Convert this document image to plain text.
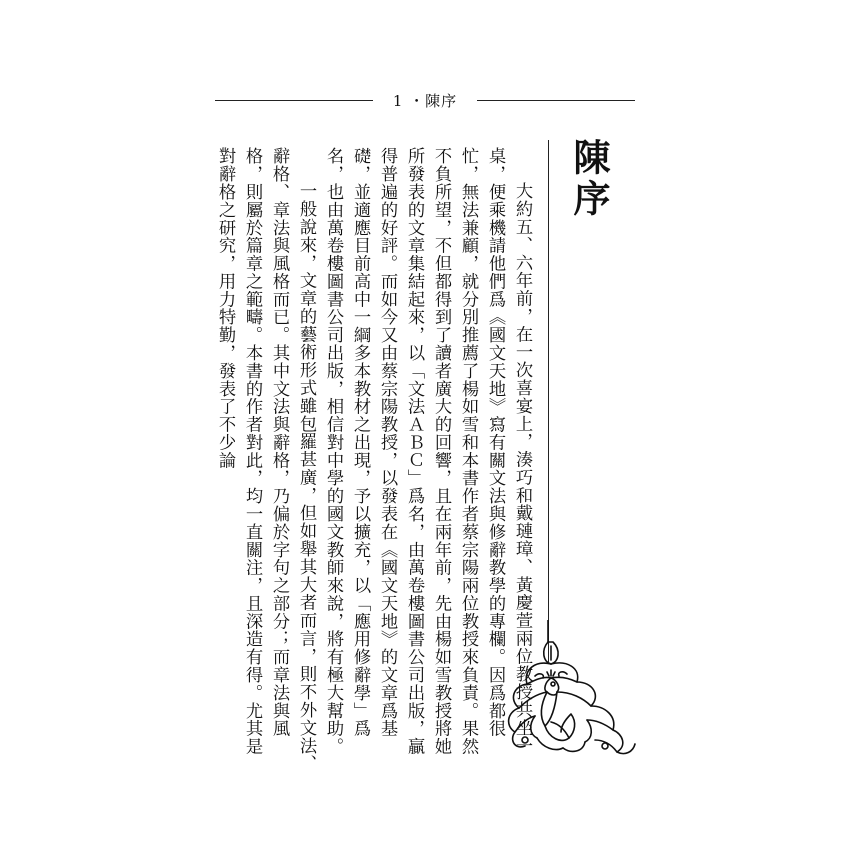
1 ・陳序
陳序

大約五、六年前，在一次喜宴上，湊巧和戴璉璋、黃慶萱兩位教授共坐一桌，便乘機請他們爲《國文天地》寫有關文法與修辭教學的專欄。因爲都很忙，無法兼顧，就分別推薦了楊如雪和本書作者蔡宗陽兩位教授來負責。果然不負所望，不但都得到了讀者廣大的回響，且在兩年前，先由楊如雪教授將她所發表的文章集結起來，以「文法ＡＢＣ」爲名，由萬卷樓圖書公司出版，贏得普遍的好評。而如今又由蔡宗陽教授，以發表在《國文天地》的文章爲基礎，並適應目前高中一綱多本教材之出現，予以擴充，以「應用修辭學」爲名，也由萬卷樓圖書公司出版，相信對中學的國文教師來說，將有極大幫助。

一般說來，文章的藝術形式雖包羅甚廣，但如舉其大者而言，則不外文法、辭格、章法與風格而已。其中文法與辭格，乃偏於字句之部分；而章法與風格，則屬於篇章之範疇。本書的作者對此，均一直關注，且深造有得。尤其是對辭格之研究，用力特勤，發表了不少論
